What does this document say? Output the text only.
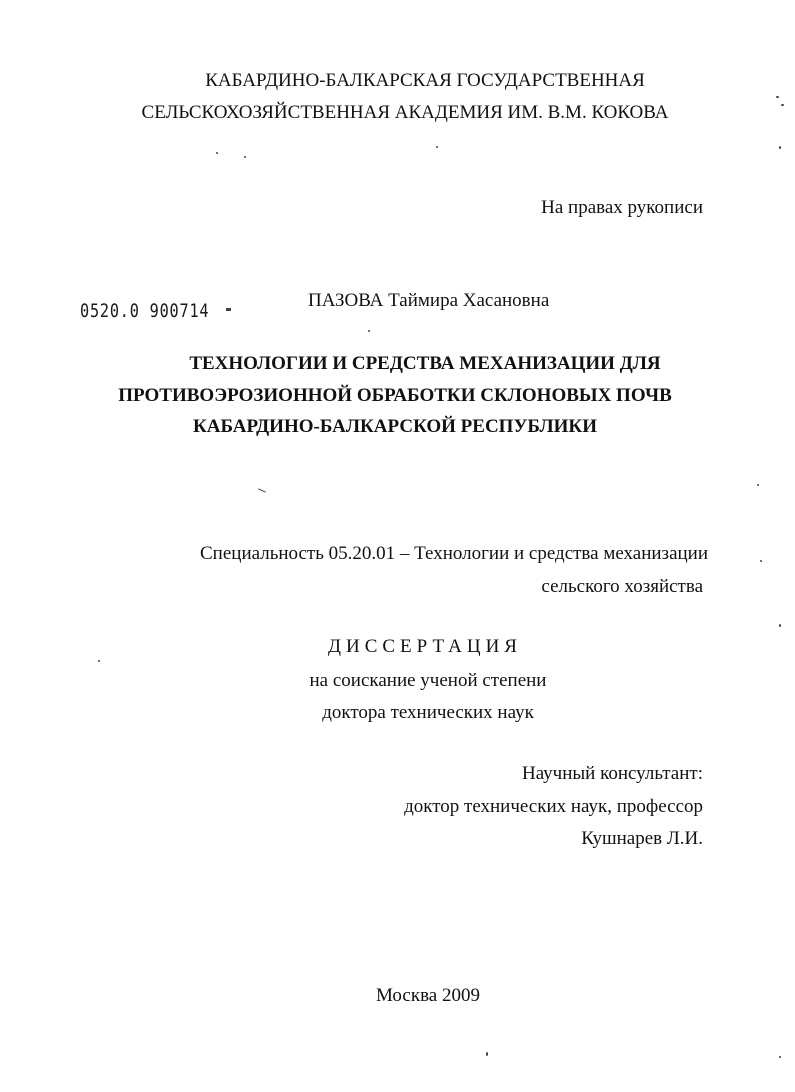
КАБАРДИНО-БАЛКАРСКАЯ ГОСУДАРСТВЕННАЯ
СЕЛЬСКОХОЗЯЙСТВЕННАЯ АКАДЕМИЯ ИМ. В.М. КОКОВА
На правах рукописи
0520.0 900714	ПАЗОВА Таймира Хасановна
ТЕХНОЛОГИИ И СРЕДСТВА МЕХАНИЗАЦИИ ДЛЯ
ПРОТИВОЭРОЗИОННОЙ ОБРАБОТКИ СКЛОНОВЫХ ПОЧВ
КАБАРДИНО-БАЛКАРСКОЙ РЕСПУБЛИКИ
Специальность 05.20.01 – Технологии и средства механизации
сельского хозяйства
ДИССЕРТАЦИЯ
на соискание ученой степени
доктора технических наук
Научный консультант:
доктор технических наук, профессор
Кушнарев Л.И.
Москва 2009
